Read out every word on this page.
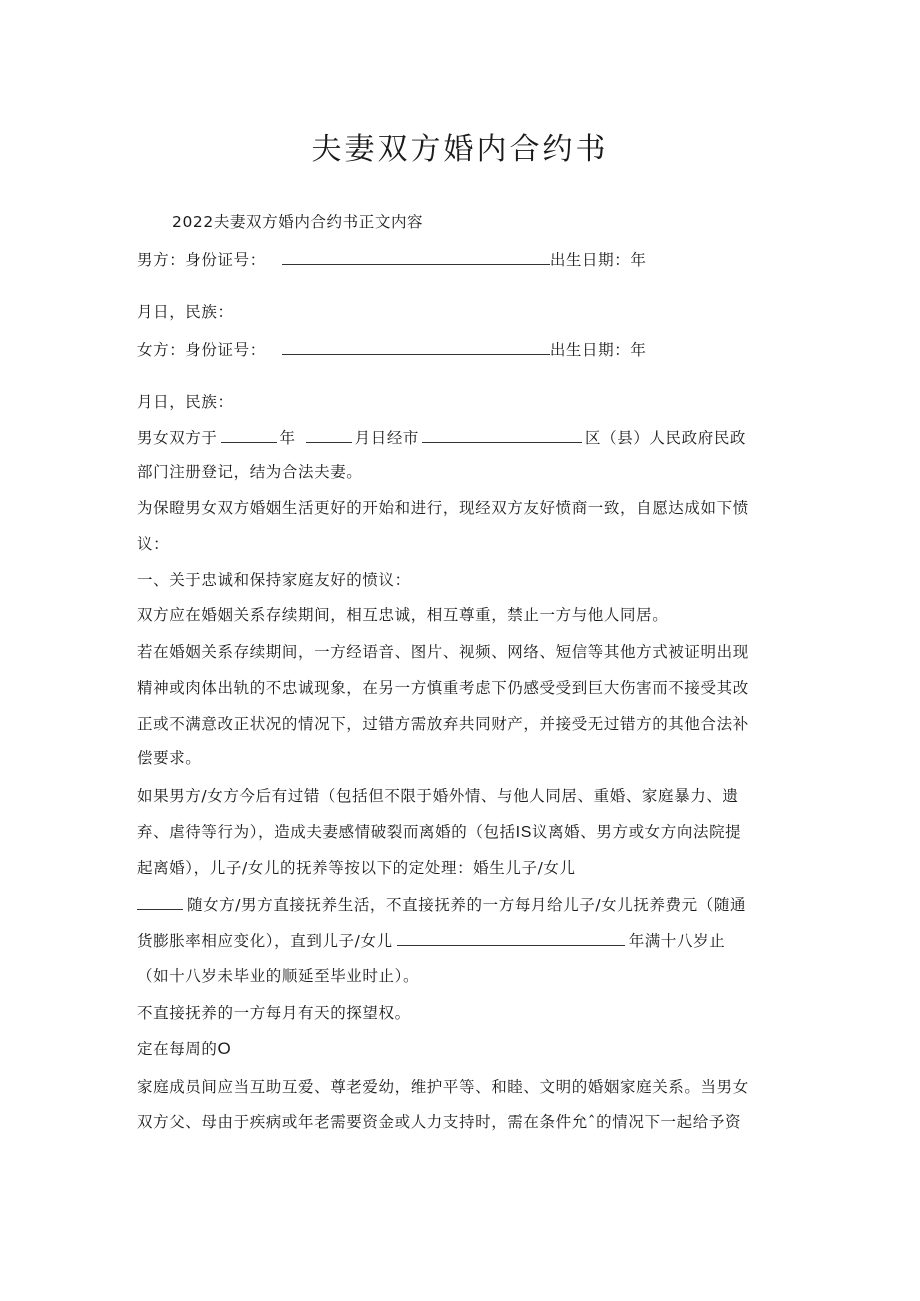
夫妻双方婚内合约书
2022夫妻双方婚内合约书正文内容
男方：身份证号：	出生日期：年
月日，民族：
女方：身份证号：	出生日期：年
月日，民族：
男女双方于	年	月日经市	区（县）人民政府民政
部门注册登记，结为合法夫妻。
为保瞪男女双方婚姻生活更好的开始和进行，现经双方友好愤商一致，自愿达成如下愤
议：
一、关于忠诚和保持家庭友好的愤议：
双方应在婚姻关系存续期间，相互忠诚，相互尊重，禁止一方与他人同居。
若在婚姻关系存续期间，一方经语音、图片、视频、网络、短信等其他方式被证明出现
精神或肉体出轨的不忠诚现象，在另一方慎重考虑下仍感受受到巨大伤害而不接受其改
正或不满意改正状况的情况下，过错方需放弃共同财产，并接受无过错方的其他合法补
偿要求。
如果男方/女方今后有过错（包括但不限于婚外情、与他人同居、重婚、家庭暴力、遗
弃、虐待等行为），造成夫妻感情破裂而离婚的（包括IS议离婚、男方或女方向法院提
起离婚），儿子/女儿的抚养等按以下的定处理：婚生儿子/女儿
随女方/男方直接抚养生活，不直接抚养的一方每月给儿子/女儿抚养费元（随通
货膨胀率相应变化），直到儿子/女儿	年满十八岁止
（如十八岁未毕业的顺延至毕业时止）。
不直接抚养的一方每月有天的探望权。
定在每周的O
家庭成员间应当互助互爱、尊老爱幼，维护平等、和睦、文明的婚姻家庭关系。当男女
双方父、母由于疾病或年老需要资金或人力支持时，需在条件允ˆ的情况下一起给予资
